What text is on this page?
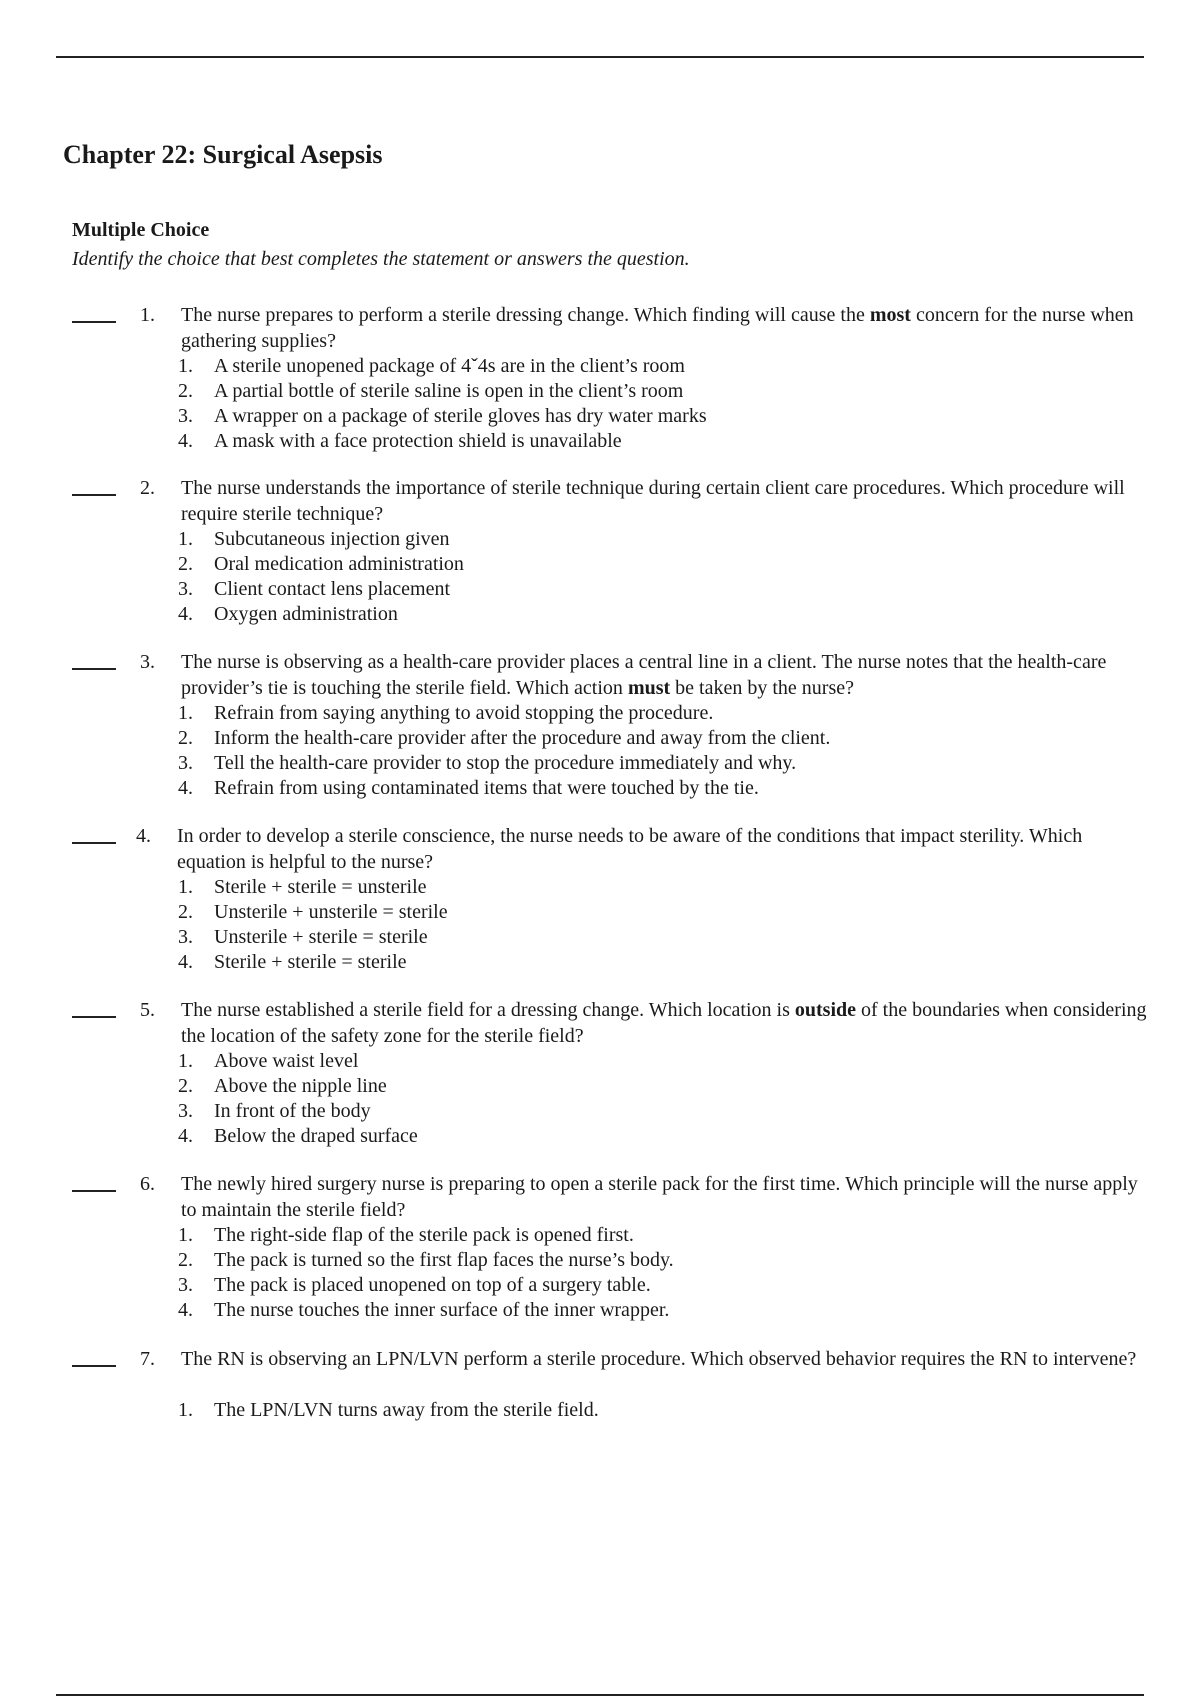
Chapter 22: Surgical Asepsis
Multiple Choice
Identify the choice that best completes the statement or answers the question.
1.	The nurse prepares to perform a sterile dressing change. Which finding will cause the most concern for the nurse when gathering supplies?

1. A sterile unopened package of 4ˇ4s are in the client’s room
2. A partial bottle of sterile saline is open in the client’s room
3. A wrapper on a package of sterile gloves has dry water marks
4. A mask with a face protection shield is unavailable
2.	The nurse understands the importance of sterile technique during certain client care procedures. Which procedure will require sterile technique?

1. Subcutaneous injection given
2. Oral medication administration
3. Client contact lens placement
4. Oxygen administration
3.	The nurse is observing as a health-care provider places a central line in a client. The nurse notes that the health-care provider’s tie is touching the sterile field. Which action must be taken by the nurse?

1. Refrain from saying anything to avoid stopping the procedure.
2. Inform the health-care provider after the procedure and away from the client.
3. Tell the health-care provider to stop the procedure immediately and why.
4. Refrain from using contaminated items that were touched by the tie.
4.	In order to develop a sterile conscience, the nurse needs to be aware of the conditions that impact sterility. Which equation is helpful to the nurse?

1. Sterile + sterile = unsterile
2. Unsterile + unsterile = sterile
3. Unsterile + sterile = sterile
4. Sterile + sterile = sterile
5.	The nurse established a sterile field for a dressing change. Which location is outside of the boundaries when considering the location of the safety zone for the sterile field?

1. Above waist level
2. Above the nipple line
3. In front of the body
4. Below the draped surface
6.	The newly hired surgery nurse is preparing to open a sterile pack for the first time. Which principle will the nurse apply to maintain the sterile field?

1. The right-side flap of the sterile pack is opened first.
2. The pack is turned so the first flap faces the nurse’s body.
3. The pack is placed unopened on top of a surgery table.
4. The nurse touches the inner surface of the inner wrapper.
7.	The RN is observing an LPN/LVN perform a sterile procedure. Which observed behavior requires the RN to intervene?

1. The LPN/LVN turns away from the sterile field.
